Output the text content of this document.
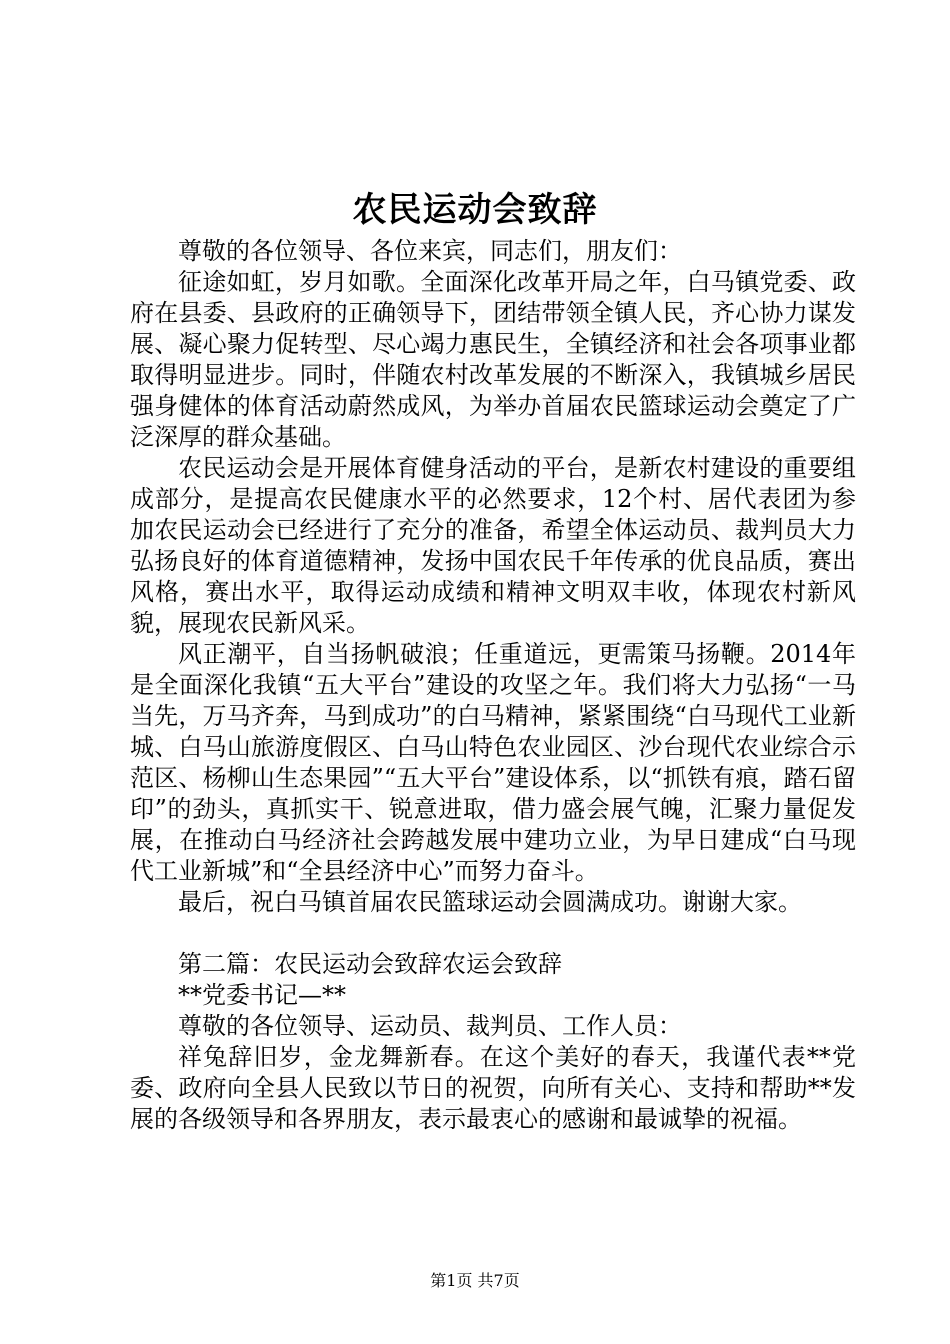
农民运动会致辞

尊敬的各位领导、各位来宾，同志们，朋友们：

征途如虹，岁月如歌。全面深化改革开局之年，白马镇党委、政府在县委、县政府的正确领导下，团结带领全镇人民，齐心协力谋发展、凝心聚力促转型、尽心竭力惠民生，全镇经济和社会各项事业都取得明显进步。同时，伴随农村改革发展的不断深入，我镇城乡居民强身健体的体育活动蔚然成风，为举办首届农民篮球运动会奠定了广泛深厚的群众基础。

农民运动会是开展体育健身活动的平台，是新农村建设的重要组成部分，是提高农民健康水平的必然要求，12个村、居代表团为参加农民运动会已经进行了充分的准备，希望全体运动员、裁判员大力弘扬良好的体育道德精神，发扬中国农民千年传承的优良品质，赛出风格，赛出水平，取得运动成绩和精神文明双丰收，体现农村新风貌，展现农民新风采。

风正潮平，自当扬帆破浪；任重道远，更需策马扬鞭。2014年是全面深化我镇“五大平台”建设的攻坚之年。我们将大力弘扬“一马当先，万马齐奔，马到成功”的白马精神，紧紧围绕“白马现代工业新城、白马山旅游度假区、白马山特色农业园区、沙台现代农业综合示范区、杨柳山生态果园”“五大平台”建设体系，以“抓铁有痕，踏石留印”的劲头，真抓实干、锐意进取，借力盛会展气魄，汇聚力量促发展，在推动白马经济社会跨越发展中建功立业，为早日建成“白马现代工业新城”和“全县经济中心”而努力奋斗。

最后，祝白马镇首届农民篮球运动会圆满成功。谢谢大家。

第二篇：农民运动会致辞农运会致辞

**党委书记—**

尊敬的各位领导、运动员、裁判员、工作人员：

祥兔辞旧岁，金龙舞新春。在这个美好的春天，我谨代表**党委、政府向全县人民致以节日的祝贺，向所有关心、支持和帮助**发展的各级领导和各界朋友，表示最衷心的感谢和最诚挚的祝福。

第1页 共7页
